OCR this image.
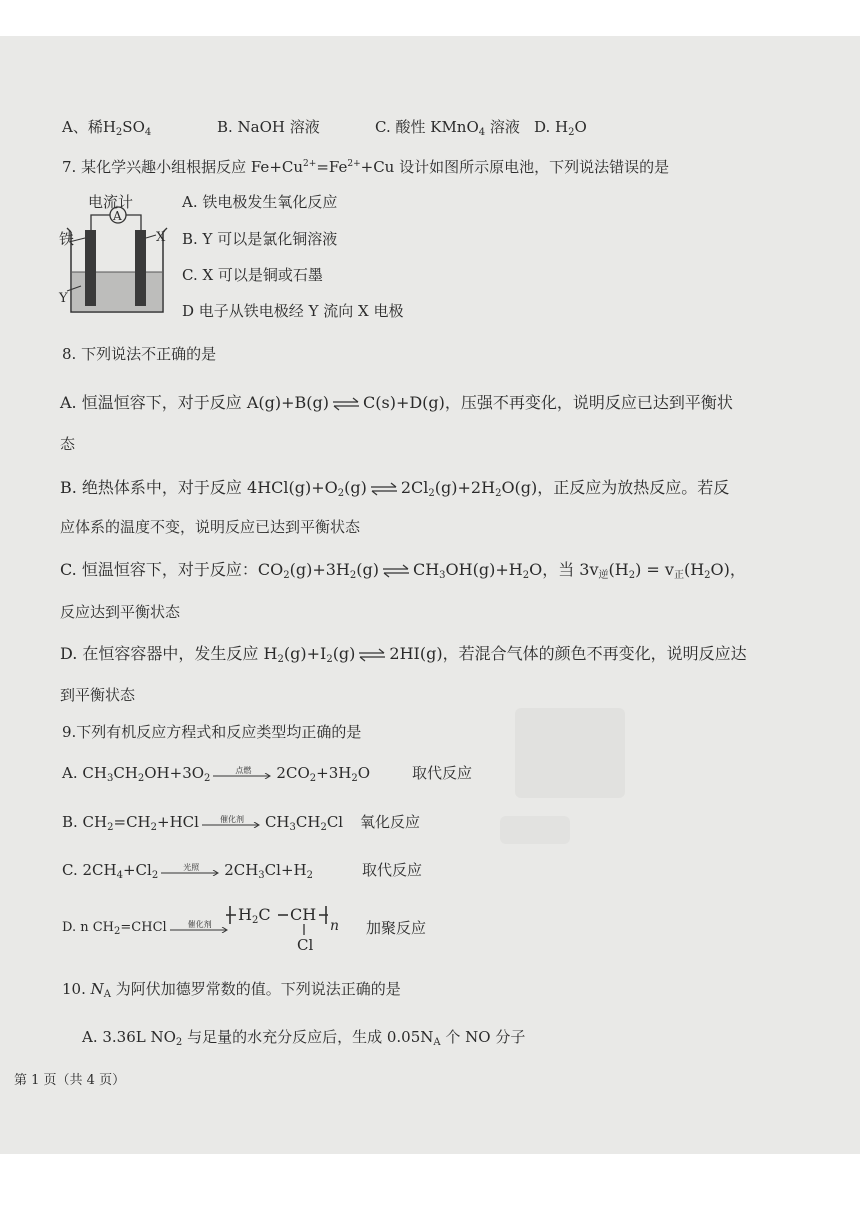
A、稀$H_2SO_4$	B. NaOH 溶液	C. 酸性 KMnO$_4$ 溶液 D. $H_2O$
7. 某化学兴趣小组根据反应 $Fe+Cu^{2+}=Fe^{2+}+Cu$ 设计如图所示原电池，下列说法错误的是
电流计
A
铁	X
Y
A. 铁电极发生氧化反应
B. Y 可以是氯化铜溶液
C. X 可以是铜或石墨
D 电子从铁电极经 Y 流向 X 电极
8. 下列说法不正确的是
A. 恒温恒容下，对于反应 A(g)+B(g) ⇌ C(s)+D(g)，压强不再变化，说明反应已达到平衡状
态
B. 绝热体系中，对于反应 $4HCl(g)+O_2(g)$ ⇌ $2Cl_2(g)+2H_2O(g)$，正反应为放热反应。若反
应体系的温度不变，说明反应已达到平衡状态
C. 恒温恒容下，对于反应：$CO_2(g)+3H_2(g)$ ⇌ $CH_3OH(g)+H_2O$，当 $3v_逆(H_2) = v_正(H_2O)$，
反应达到平衡状态
D. 在恒容容器中，发生反应 $H_2(g)+I_2(g)$ ⇌ 2HI(g)，若混合气体的颜色不再变化，说明反应达
到平衡状态
9.下列有机反应方程式和反应类型均正确的是
A. $CH_3CH_2OH+3O_2$
点燃	$2CO_2+3H_2O$	取代反应
B. $CH_2=CH_2+HCl$	催化剂	$CH_3CH_2Cl$ 氧化反应
C. $2CH_4+Cl_2$
光照	$2CH_3Cl+H_2$	取代反应
D. n $CH_2=CHCl$	催化剂	$H_2C$ CH
n
Cl
加聚反应
10. $N_A$ 为阿伏加德罗常数的值。下列说法正确的是
A. 3.36L $NO_2$ 与足量的水充分反应后，生成 $0.05N_A$ 个 NO 分子
第 1 页（共 4 页）
